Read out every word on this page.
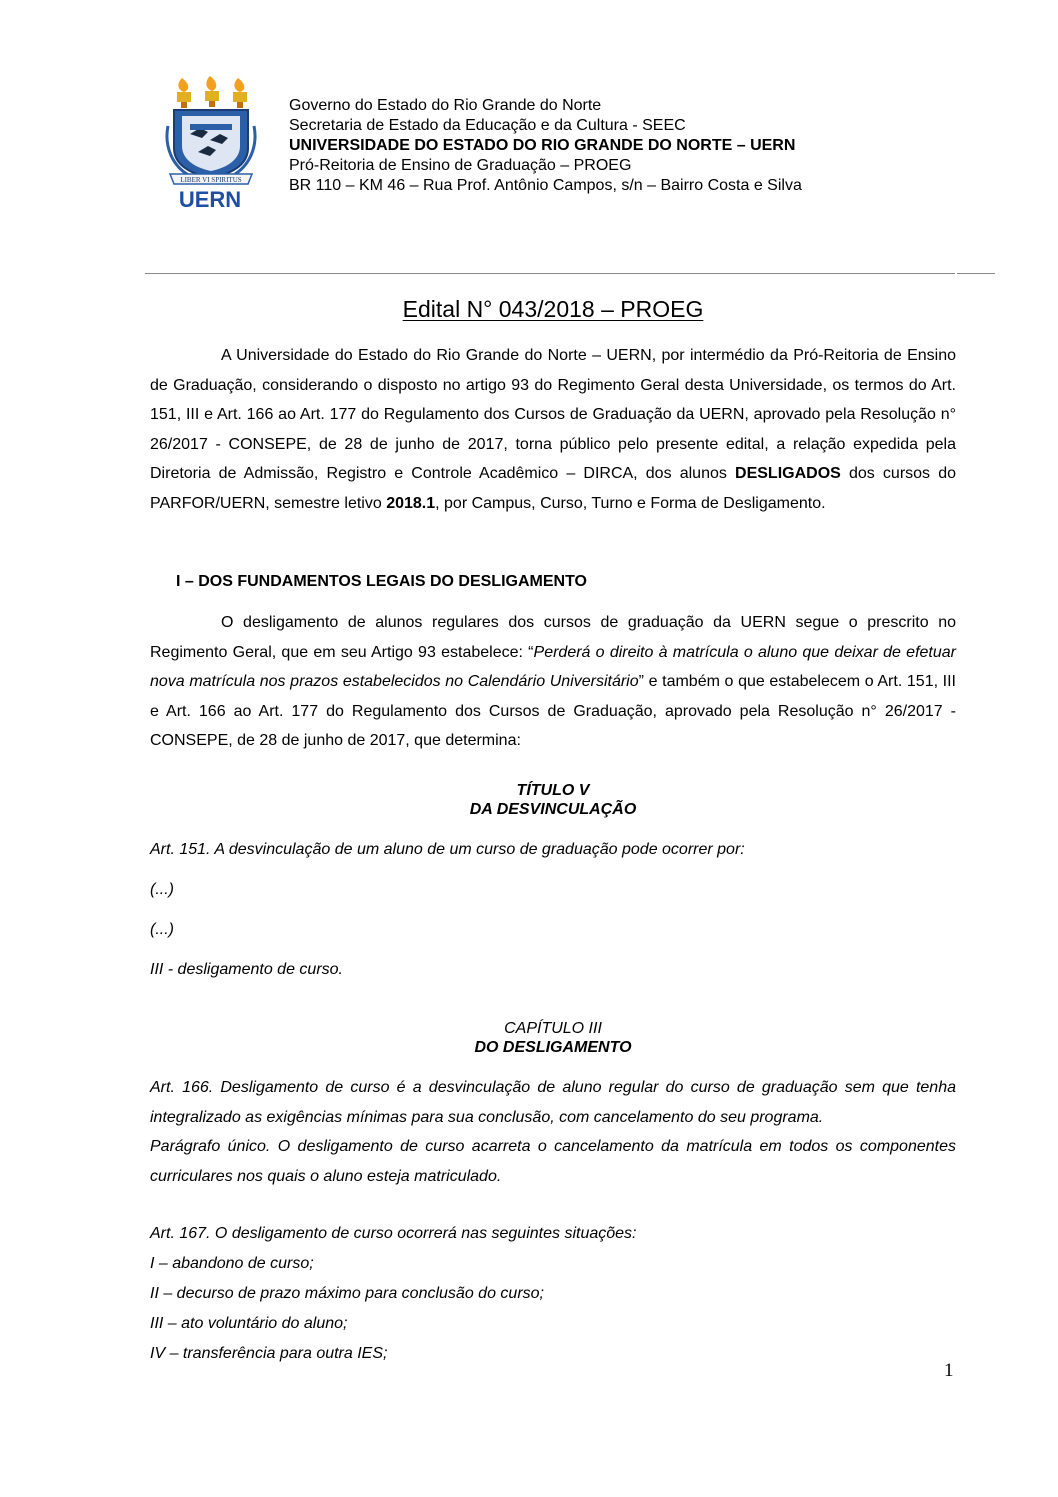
LIBER VI SPIRITUS
UERN
Governo do Estado do Rio Grande do Norte
Secretaria de Estado da Educação e da Cultura - SEEC
UNIVERSIDADE DO ESTADO DO RIO GRANDE DO NORTE – UERN
Pró-Reitoria de Ensino de Graduação – PROEG
BR 110 – KM 46 – Rua Prof. Antônio Campos, s/n – Bairro Costa e Silva
Edital N° 043/2018 – PROEG

A Universidade do Estado do Rio Grande do Norte – UERN, por intermédio da Pró-Reitoria de Ensino de Graduação, considerando o disposto no artigo 93 do Regimento Geral desta Universidade, os termos do Art. 151, III e Art. 166 ao Art. 177 do Regulamento dos Cursos de Graduação da UERN, aprovado pela Resolução n° 26/2017 - CONSEPE, de 28 de junho de 2017, torna público pelo presente edital, a relação expedida pela Diretoria de Admissão, Registro e Controle Acadêmico – DIRCA, dos alunos DESLIGADOS dos cursos do PARFOR/UERN, semestre letivo 2018.1, por Campus, Curso, Turno e Forma de Desligamento.

I – DOS FUNDAMENTOS LEGAIS DO DESLIGAMENTO

O desligamento de alunos regulares dos cursos de graduação da UERN segue o prescrito no Regimento Geral, que em seu Artigo 93 estabelece: “Perderá o direito à matrícula o aluno que deixar de efetuar nova matrícula nos prazos estabelecidos no Calendário Universitário” e também o que estabelecem o Art. 151, III e Art. 166 ao Art. 177 do Regulamento dos Cursos de Graduação, aprovado pela Resolução n° 26/2017 - CONSEPE, de 28 de junho de 2017, que determina:

TÍTULO V
DA DESVINCULAÇÃO
Art. 151. A desvinculação de um aluno de um curso de graduação pode ocorrer por:
(...)
(...)
III - desligamento de curso.
CAPÍTULO III
DO DESLIGAMENTO

Art. 166. Desligamento de curso é a desvinculação de aluno regular do curso de graduação sem que tenha integralizado as exigências mínimas para sua conclusão, com cancelamento do seu programa.

Parágrafo único. O desligamento de curso acarreta o cancelamento da matrícula em todos os componentes curriculares nos quais o aluno esteja matriculado.

Art. 167. O desligamento de curso ocorrerá nas seguintes situações:
I – abandono de curso;
II – decurso de prazo máximo para conclusão do curso;
III – ato voluntário do aluno;
IV – transferência para outra IES;
1
